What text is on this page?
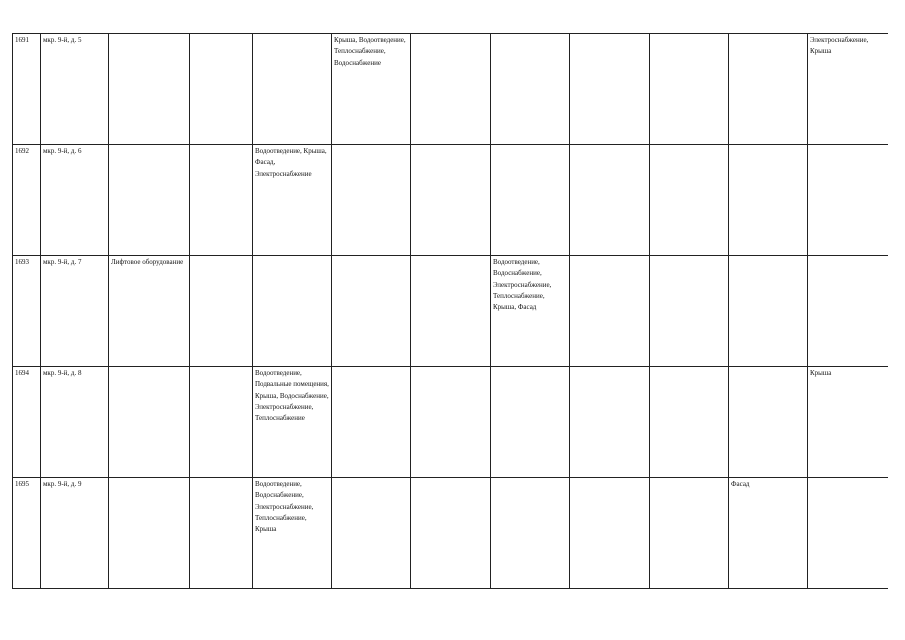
1691	мкр. 9-й, д. 5				Крыша, Водоотведение, Теплоснабжение, Водоснабжение						Электроснабжение, Крыша
1692	мкр. 9-й, д. 6			Водоотведение, Крыша, Фасад, Электроснабжение							
1693	мкр. 9-й, д. 7	Лифтовое оборудование					Водоотведение, Водоснабжение, Электроснабжение, Теплоснабжение, Крыша, Фасад				
1694	мкр. 9-й, д. 8			Водоотведение, Подвальные помещения, Крыша, Водоснабжение, Электроснабжение, Теплоснабжение							Крыша
1695	мкр. 9-й, д. 9			Водоотведение, Водоснабжение, Электроснабжение, Теплоснабжение, Крыша						Фасад	
